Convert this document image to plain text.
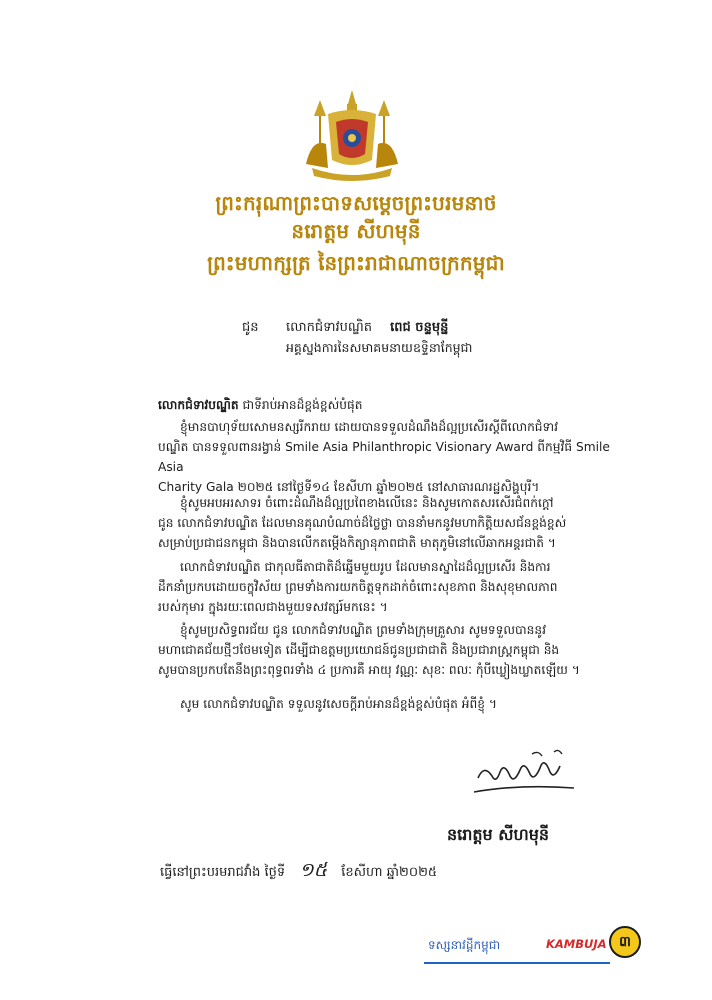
ព្រះករុណាព្រះបាទសម្តេចព្រះបរមនាថ
នរោត្តម សីហមុនី
ព្រះមហាក្សត្រ នៃព្រះរាជាណាចក្រកម្ពុជា
ជូន លោកជំទាវបណ្ឌិត ពេជ ចន្ទមុន្នី
អគ្គស្នងការនៃសមាគមនាយឧទ្ទិនាកែម្ពុជា
លោកជំទាវបណ្ឌិត ជាទីរាប់អានដ៏ខ្ពង់ខ្ពស់បំផុត
ខ្ញុំមានបាហុទ័យសោមនស្សរីករាយ ដោយបានទទួលដំណឹងដ៏ល្អប្រសើរស្តីពីលោកជំទាវ
បណ្ឌិត បានទទួលពានរង្វាន់ Smile Asia Philanthropic Visionary Award ពីកម្មវិធី Smile Asia
Charity Gala ២០២៥ នៅថ្ងៃទី១៤ ខែសីហា ឆ្នាំ២០២៥ នៅសាធារណរដ្ឋសិង្ហបុរី។
ខ្ញុំសូមអបអរសាទរ ចំពោះដំណឹងដ៏ល្អប្រពៃខាងលើនេះ និងសូមកោតសរសើរជំពក់ក្តៅ
ជូន លោកជំទាវបណ្ឌិត ដែលមានគុណបំណាច់ដ៏ថ្លៃថ្លា បាននាំមកនូវមហាកិត្តិយសជ័នខ្ពង់ខ្ពស់
សម្រាប់ប្រជាជនកម្ពុជា និងបានលើកតម្កើងកិត្យានុភាពជាតិ មាតុភូមិនៅលើឆាកអន្តរជាតិ ។
លោកជំទាវបណ្ឌិត ជាកុលធីតាជាតិដ៏ឆ្នើមមួយរូប ដែលមានស្នាដៃដ៏ល្អប្រសើរ និងការ
ដឹកនាំប្រកបដោយចក្ខុវិស័យ ព្រមទាំងការយកចិត្តទុកដាក់ចំពោះសុខភាព និងសុខុមាលភាព
របស់កុមារ ក្នុងរយៈពេលជាងមួយទសវត្សរ៍មកនេះ ។
ខ្ញុំសូមប្រសិទ្ធពរជ័យ ជូន លោកជំទាវបណ្ឌិត ព្រមទាំងក្រុមគ្រួសារ សូមទទួលបាននូវ
មហាជោគជ័យថ្មីៗថែមទៀត ដើម្បីជាឧត្តមប្រយោជន៍ជូនប្រជាជាតិ និងប្រជារាស្ត្រកម្ពុជា និង
សូមបានប្រកបតែនឹងព្រះពុទ្ធពរទាំង ៤ ប្រការគឺ អាយុ វណ្ណៈ សុខៈ ពលៈ កុំបីឃ្លៀងឃ្លាតឡើយ ។
សូម លោកជំទាវបណ្ឌិត ទទួលនូវសេចក្តីរាប់អានដ៏ខ្ពង់ខ្ពស់បំផុត អំពីខ្ញុំ ។
នរោត្តម សីហមុនី
ធ្វើនៅព្រះបរមរាជវាំង ថ្ងៃទី ១៥ ខែសីហា ឆ្នាំ២០២៥
ទស្សនាវដ្តីកម្ពុជា	KAMBUJA ៣
